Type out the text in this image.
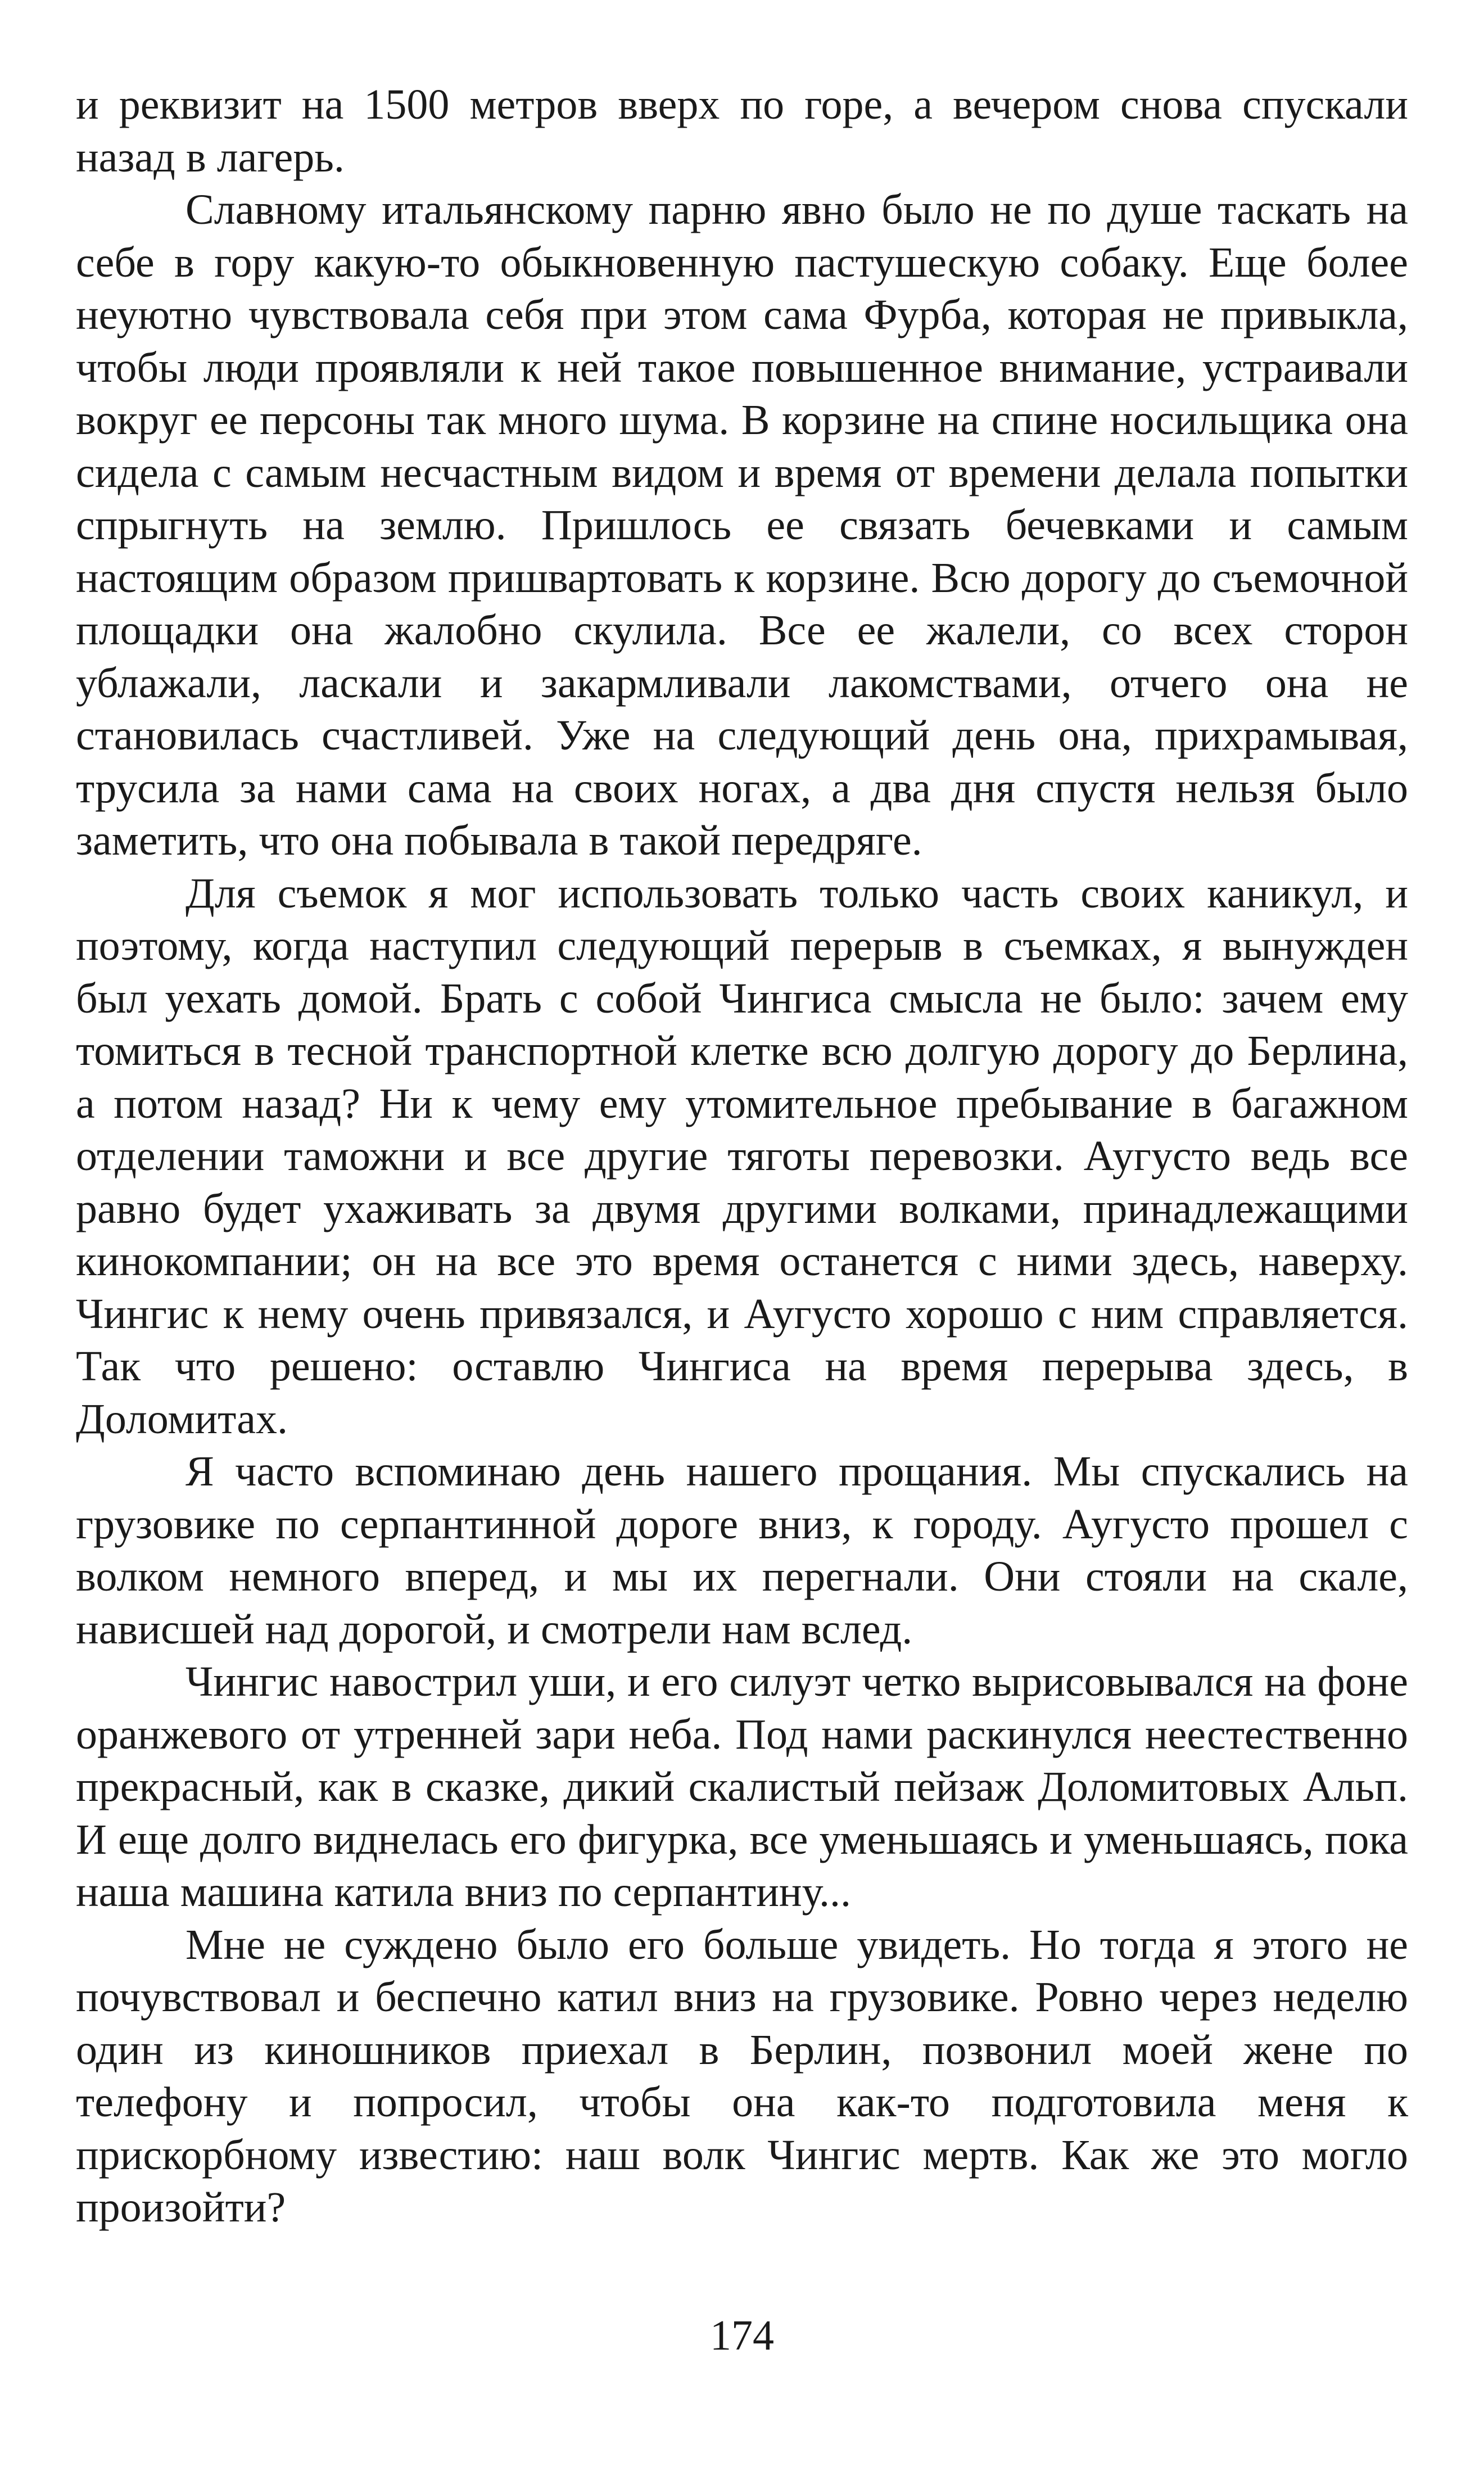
и реквизит на 1500 метров вверх по горе, а вечером снова спускали назад в лагерь.

Славному итальянскому парню явно было не по душе таскать на себе в гору какую-то обыкновенную пастушескую собаку. Еще более неуютно чувствовала себя при этом сама Фурба, которая не привыкла, чтобы люди проявляли к ней такое повышенное внимание, устраивали вокруг ее персоны так много шума. В корзине на спине носильщика она сидела с самым несчастным видом и время от времени делала попытки спрыгнуть на землю. Пришлось ее связать бечевками и самым настоящим образом пришвартовать к корзине. Всю дорогу до съемочной площадки она жалобно скулила. Все ее жалели, со всех сторон ублажали, ласкали и закармливали лакомствами, отчего она не становилась счастливей. Уже на следующий день она, прихрамывая, трусила за нами сама на своих ногах, а два дня спустя нельзя было заметить, что она побывала в такой передряге.

Для съемок я мог использовать только часть своих каникул, и поэтому, когда наступил следующий перерыв в съемках, я вынужден был уехать домой. Брать с собой Чингиса смысла не было: зачем ему томиться в тесной транспортной клетке всю долгую дорогу до Берлина, а потом назад? Ни к чему ему утомительное пребывание в багажном отделении таможни и все другие тяготы перевозки. Аугусто ведь все равно будет ухаживать за двумя другими волками, принадлежащими кинокомпании; он на все это время останется с ними здесь, наверху. Чингис к нему очень привязался, и Аугусто хорошо с ним справляется. Так что решено: оставлю Чингиса на время перерыва здесь, в Доломитах.

Я часто вспоминаю день нашего прощания. Мы спускались на грузовике по серпантинной дороге вниз, к городу. Аугусто прошел с волком немного вперед, и мы их перегнали. Они стояли на скале, нависшей над дорогой, и смотрели нам вслед.

Чингис навострил уши, и его силуэт четко вырисовывался на фоне оранжевого от утренней зари неба. Под нами раскинулся неестественно прекрасный, как в сказке, дикий скалистый пейзаж Доломитовых Альп. И еще долго виднелась его фигурка, все уменьшаясь и уменьшаясь, пока наша машина катила вниз по серпантину...

Мне не суждено было его больше увидеть. Но тогда я этого не почувствовал и беспечно катил вниз на грузовике. Ровно через неделю один из киношников приехал в Берлин, позвонил моей жене по телефону и попросил, чтобы она как-то подготовила меня к прискорбному известию: наш волк Чингис мертв. Как же это могло произойти?

174
